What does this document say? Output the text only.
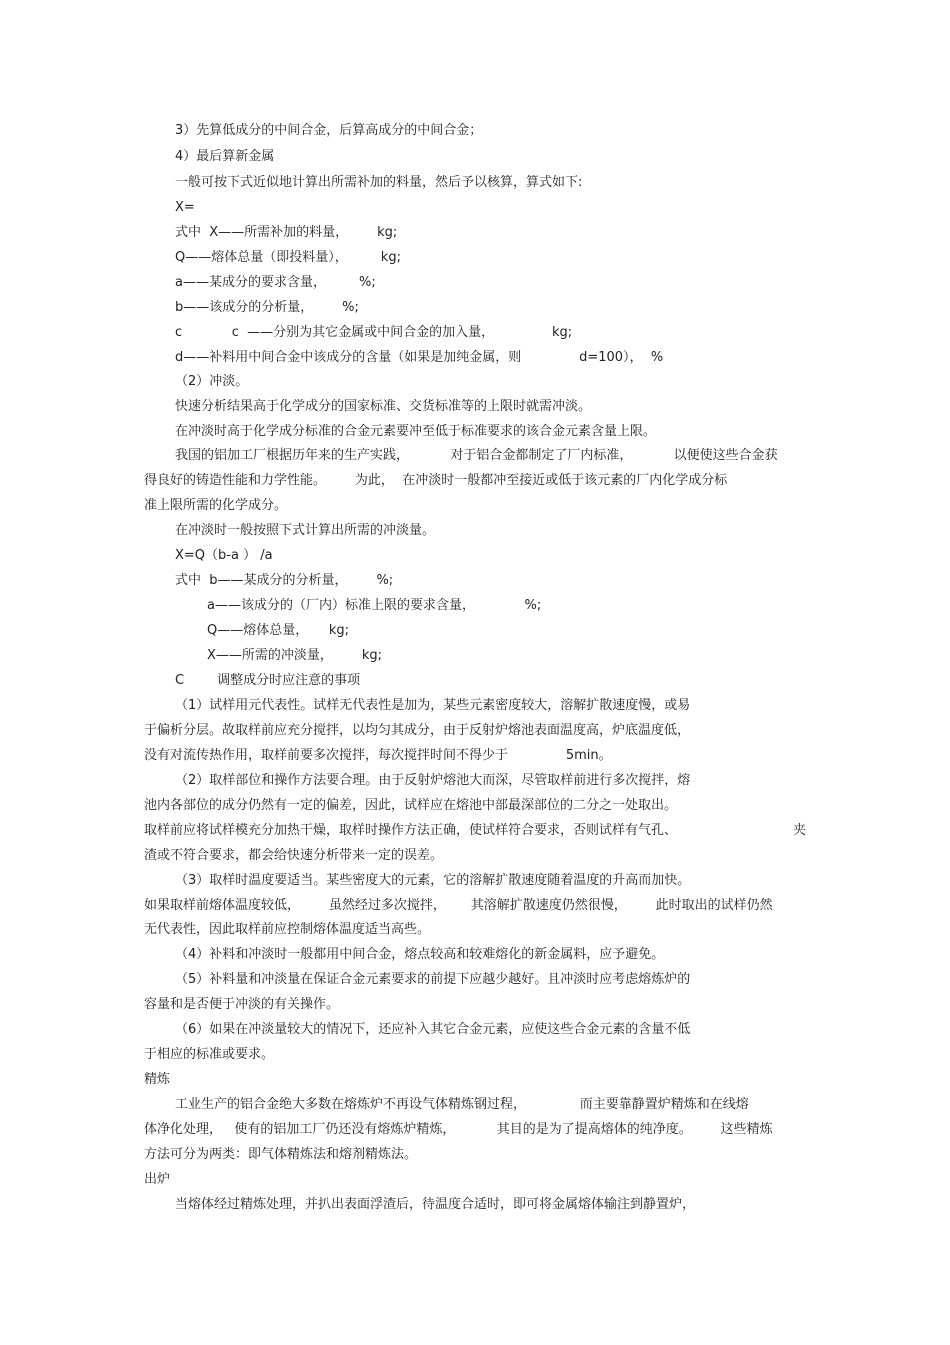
3）先算低成分的中间合金，后算高成分的中间合金；
4）最后算新金属
一般可按下式近似地计算出所需补加的料量，然后予以核算，算式如下:
X=
式中  X——所需补加的料量，       kg;
Q——熔体总量（即投料量），        kg;
a——某成分的要求含量，        %;
b——该成分的分析量，       %;
c            c  ——分别为其它金属或中间合金的加入量，              kg;
d——补料用中间合金中该成分的含量（如果是加纯金属，则              d=100），  %
（2）冲淡。
快速分析结果高于化学成分的国家标准、交货标准等的上限时就需冲淡。
在冲淡时高于化学成分标准的合金元素要冲至低于标准要求的该合金元素含量上限。
我国的铝加工厂根据历年来的生产实践，          对于铝合金都制定了厂内标准，          以便使这些合金获
得良好的铸造性能和力学性能。       为此，  在冲淡时一般都冲至接近或低于该元素的厂内化学成分标
准上限所需的化学成分。
在冲淡时一般按照下式计算出所需的冲淡量。
X=Q（b-a ） /a
式中  b——某成分的分析量，       %;
a——该成分的（厂内）标准上限的要求含量，            %;
Q——熔体总量，     kg;
X——所需的冲淡量，       kg;
C        调整成分时应注意的事项
（1）试样用元代表性。试样无代表性是加为，某些元素密度较大，溶解扩散速度慢，或易
于偏析分层。故取样前应充分搅拌，以均匀其成分，由于反射炉熔池表面温度高，炉底温度低，
没有对流传热作用，取样前要多次搅拌，每次搅拌时间不得少于              5min。
（2）取样部位和操作方法要合理。由于反射炉熔池大而深，尽管取样前进行多次搅拌，熔
池内各部位的成分仍然有一定的偏差，因此，试样应在熔池中部最深部位的二分之一处取出。
取样前应将试样模充分加热干燥，取样时操作方法正确，使试样符合要求，否则试样有气孔、	夹
渣或不符合要求，都会给快速分析带来一定的误差。
（3）取样时温度要适当。某些密度大的元素，它的溶解扩散速度随着温度的升高而加快。
如果取样前熔体温度较低，       虽然经过多次搅拌，      其溶解扩散速度仍然很慢，       此时取出的试样仍然
无代表性，因此取样前应控制熔体温度适当高些。
（4）补料和冲淡时一般都用中间合金，熔点较高和较难熔化的新金属料，应予避免。
（5）补料量和冲淡量在保证合金元素要求的前提下应越少越好。且冲淡时应考虑熔炼炉的
容量和是否便于冲淡的有关操作。
（6）如果在冲淡量较大的情况下，还应补入其它合金元素，应使这些合金元素的含量不低
于相应的标准或要求。
精炼
工业生产的铝合金绝大多数在熔炼炉不再设气体精炼钢过程，             而主要靠静置炉精炼和在线熔
体净化处理，   使有的铝加工厂仍还没有熔炼炉精炼，          其目的是为了提高熔体的纯净度。       这些精炼
方法可分为两类：即气体精炼法和熔剂精炼法。
出炉
当熔体经过精炼处理，并扒出表面浮渣后，待温度合适时，即可将金属熔体输注到静置炉，
